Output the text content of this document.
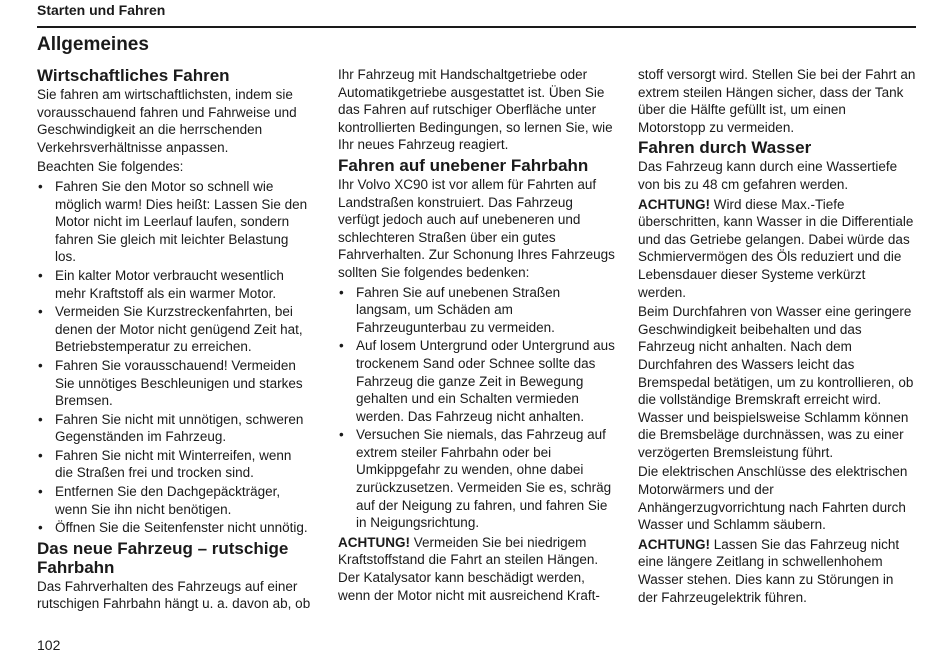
Starten und Fahren
Allgemeines
Wirtschaftliches Fahren

Sie fahren am wirtschaftlichsten, indem sie vorausschauend fahren und Fahrweise und Geschwindigkeit an die herrschenden Verkehrsverhältnisse anpassen.

Beachten Sie folgendes:

• Fahren Sie den Motor so schnell wie möglich warm! Dies heißt: Lassen Sie den Motor nicht im Leerlauf laufen, sondern fahren Sie gleich mit leichter Belastung los.
• Ein kalter Motor verbraucht wesentlich mehr Kraftstoff als ein warmer Motor.
• Vermeiden Sie Kurzstreckenfahrten, bei denen der Motor nicht genügend Zeit hat, Betriebstemperatur zu erreichen.
• Fahren Sie vorausschauend! Vermeiden Sie unnötiges Beschleunigen und starkes Bremsen.
• Fahren Sie nicht mit unnötigen, schweren Gegenständen im Fahrzeug.
• Fahren Sie nicht mit Winterreifen, wenn die Straßen frei und trocken sind.
• Entfernen Sie den Dachgepäckträger, wenn Sie ihn nicht benötigen.
• Öffnen Sie die Seitenfenster nicht unnötig.
Das neue Fahrzeug – rutschige Fahrbahn

Das Fahrverhalten des Fahrzeugs auf einer rutschigen Fahrbahn hängt u. a. davon ab, ob

Ihr Fahrzeug mit Handschaltgetriebe oder Automatikgetriebe ausgestattet ist. Üben Sie das Fahren auf rutschiger Oberfläche unter kontrollierten Bedingungen, so lernen Sie, wie Ihr neues Fahrzeug reagiert.

Fahren auf unebener Fahrbahn

Ihr Volvo XC90 ist vor allem für Fahrten auf Landstraßen konstruiert. Das Fahrzeug verfügt jedoch auch auf unebeneren und schlechteren Straßen über ein gutes Fahrverhalten. Zur Schonung Ihres Fahrzeugs sollten Sie folgendes bedenken:

• Fahren Sie auf unebenen Straßen langsam, um Schäden am Fahrzeugunterbau zu vermeiden.
• Auf losem Untergrund oder Untergrund aus trockenem Sand oder Schnee sollte das Fahrzeug die ganze Zeit in Bewegung gehalten und ein Schalten vermieden werden. Das Fahrzeug nicht anhalten.
• Versuchen Sie niemals, das Fahrzeug auf extrem steiler Fahrbahn oder bei Umkippgefahr zu wenden, ohne dabei zurückzusetzen. Vermeiden Sie es, schräg auf der Neigung zu fahren, und fahren Sie in Neigungsrichtung.

ACHTUNG! Vermeiden Sie bei niedrigem Kraftstoffstand die Fahrt an steilen Hängen. Der Katalysator kann beschädigt werden, wenn der Motor nicht mit ausreichend Kraft-

stoff versorgt wird. Stellen Sie bei der Fahrt an extrem steilen Hängen sicher, dass der Tank über die Hälfte gefüllt ist, um einen Motorstopp zu vermeiden.

Fahren durch Wasser

Das Fahrzeug kann durch eine Wassertiefe von bis zu 48 cm gefahren werden.

ACHTUNG! Wird diese Max.-Tiefe überschritten, kann Wasser in die Differentiale und das Getriebe gelangen. Dabei würde das Schmiervermögen des Öls reduziert und die Lebensdauer dieser Systeme verkürzt werden.

Beim Durchfahren von Wasser eine geringere Geschwindigkeit beibehalten und das Fahrzeug nicht anhalten. Nach dem Durchfahren des Wassers leicht das Bremspedal betätigen, um zu kontrollieren, ob die vollständige Bremskraft erreicht wird. Wasser und beispielsweise Schlamm können die Bremsbeläge durchnässen, was zu einer verzögerten Bremsleistung führt.

Die elektrischen Anschlüsse des elektrischen Motorwärmers und der Anhängerzugvorrichtung nach Fahrten durch Wasser und Schlamm säubern.

ACHTUNG! Lassen Sie das Fahrzeug nicht eine längere Zeitlang in schwellenhohem Wasser stehen. Dies kann zu Störungen in der Fahrzeugelektrik führen.

102
